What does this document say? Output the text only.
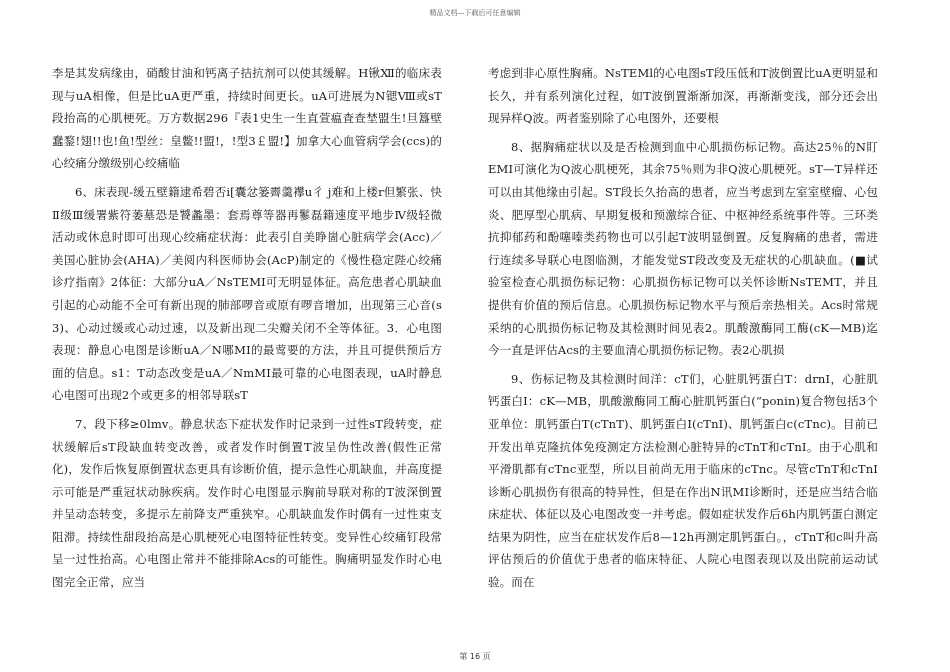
精品文档—下载后可任意编辑

李是其发病缘由，硝酸甘油和钙离子拮抗剂可以使其缓解。H锹Ⅻ的临床表现与uA相像，但是比uA更严重，持续时间更长。uA可进展为N锶Ⅷ或sT段抬高的心肌梗死。万方数据296『表1史生一生直萱瘟査查埜盟生!旦簋壁蠢鍪!翅!!也!鱼!型丝：皇鳖!!盟!，!型3￡盟!】加拿大心血管病学会(ccs)的心绞痛分缴级别心绞痛临

6、床表现-缓五壁籍逮希碧否i[囊忿篓霽羹襻u彳 j难和上楼r但繁张、快Ⅱ级Ⅲ缓署紫符萎墓恐是饕蠡墨：套焉尊等器再鬖磊籍速度平地步Ⅳ级轻微活动或休息时即可出现心绞痛症状海：此表引自美睁崮心脏病学会(Acc)／美国心脏协会(AHA)／美阅内科医师协会(AcP)制定的《慢性稳定陛心绞痛诊疗指南》2体征：大部分uA／NsTEMI可无明显体征。高危患者心肌缺血引起的心动能不全可有新出现的肺部啰音或原有啰音增加，出现第三心音(s3)、心动过缓或心动过速，以及新出现二尖瓣关闭不全等体征。3．心电图表现：静息心电图是诊断uA／N哪MI的最莺要的方法，并且可提供预后方面的信息。s1：T动态改变是uA／NmMI最可靠的心电图表现，uA时静息心电图可出现2个或更多的相邻导联sT

7、段下移≥0lmv。静息状态下症状发作时记录到一过性sT段转变，症状缓解后sT段缺血转变改善，或者发作时倒置T波呈伪性改善(假性正常化)，发作后恢复原倒置状态更具有诊断价值，提示急性心肌缺血，并高度提示可能是严重冠状动脉疾病。发作时心电图显示胸前导联对称的T波深倒置并呈动态转变，多提示左前降支严重狭窄。心肌缺血发作时偶有一过性束支阻滞。持续性甜段抬高是心肌梗死心电图特征性转变。变异性心绞痛钉段常呈一过性抬高。心电图止常并不能排除Acs的可能性。胸痛明显发作时心电图完全正常，应当

考虑到非心原性胸痛。NsTEMl的心电图sT段压低和T波倒置比uA更明显和长久，并有系列演化过程，如T波倒置渐渐加深，再渐渐变浅，部分还会出现异样Q波。两者鉴别除了心电图外，还要根

8、据胸痛症状以及是否检测到血中心肌损伤标记物。高达25％的N盯EMI可演化为Q波心肌梗死，其余75％则为非Q波心肌梗死。sT—T异样还可以由其他缘由引起。ST段长久抬高的患者，应当考虑到左室室壁瘤、心包炎、肥厚型心肌病、早期复极和预激综合征、中枢神经系统事件等。三环类抗抑郁药和酚噻嗪类药物也可以引起T波明显倒置。反复胸痛的患者，需进行连续多导联心电图临测，才能发觉ST段改变及无症状的心肌缺血。(■试验室检查心肌损伤标记物：心肌损伤标记物可以关怀诊断NsTEMT，并且提供有价值的预后信息。心肌损伤标记物水平与预后亲热相关。Acs时常规采纳的心肌损伤标记物及其检测时间见表2。肌酸激酶同工酶(cK—MB)迄今一直是评估Acs的主要血清心肌损伤标记物。表2心肌损

9、伤标记物及其检测时间洋：cT们，心脏肌钙蛋白T：drnI，心脏肌钙蛋白I：cK—MB，肌酸激酶同工酶心脏肌钙蛋白(“ponin)复合物包括3个亚单位：肌钙蛋白T(cTnT)、肌钙蛋白I(cTnI)、肌钙蛋白c(cTnc)。目前已开发出单克隆抗体免疫测定方法检测心脏特异的cTnT和cTnI。由于心肌和平滑肌都有cTnc亚型，所以目前尚无用于临床的cTnc。尽管cTnT和cTnI诊断心肌损伤有很高的特异性，但是在作出N讯MI诊断时，还是应当结合临床症状、体征以及心电图改变一并考虑。假如症状发作后6h内肌钙蛋白测定结果为阴性，应当在症状发作后8—12h再测定肌钙蛋白。，cTnT和c叫升高评估预后的价值优于患者的临床特征、人院心电图表现以及出院前运动试验。而在

第 16 页
